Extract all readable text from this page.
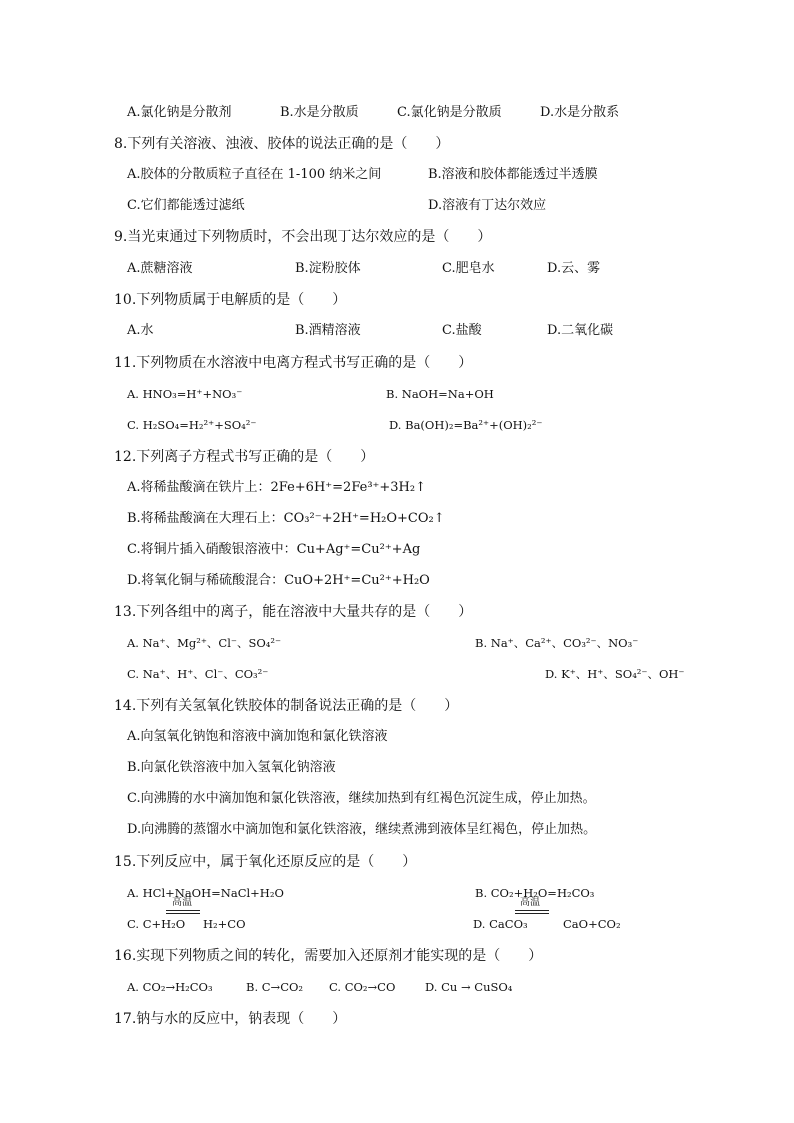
A.氯化钠是分散剂	B.水是分散质	C.氯化钠是分散质	D.水是分散系
8.下列有关溶液、浊液、胶体的说法正确的是（　　）
A.胶体的分散质粒子直径在 1-100 纳米之间	B.溶液和胶体都能透过半透膜
C.它们都能透过滤纸	D.溶液有丁达尔效应
9.当光束通过下列物质时，不会出现丁达尔效应的是（　　）
A.蔗糖溶液	B.淀粉胶体	C.肥皂水	D.云、雾
10.下列物质属于电解质的是（　　）
A.水	B.酒精溶液	C.盐酸	D.二氧化碳
11.下列物质在水溶液中电离方程式书写正确的是（　　）
A. HNO₃=H⁺+NO₃⁻	B. NaOH=Na+OH
C. H₂SO₄=H₂²⁺+SO₄²⁻	D. Ba(OH)₂=Ba²⁺+(OH)₂²⁻
12.下列离子方程式书写正确的是（　　）
A.将稀盐酸滴在铁片上：2Fe+6H⁺=2Fe³⁺+3H₂↑
B.将稀盐酸滴在大理石上：CO₃²⁻+2H⁺=H₂O+CO₂↑
C.将铜片插入硝酸银溶液中：Cu+Ag⁺=Cu²⁺+Ag
D.将氧化铜与稀硫酸混合：CuO+2H⁺=Cu²⁺+H₂O
13.下列各组中的离子，能在溶液中大量共存的是（　　）
A. Na⁺、Mg²⁺、Cl⁻、SO₄²⁻	B. Na⁺、Ca²⁺、CO₃²⁻、NO₃⁻
C. Na⁺、H⁺、Cl⁻、CO₃²⁻	D. K⁺、H⁺、SO₄²⁻、OH⁻
14.下列有关氢氧化铁胶体的制备说法正确的是（　　）
A.向氢氧化钠饱和溶液中滴加饱和氯化铁溶液
B.向氯化铁溶液中加入氢氧化钠溶液
C.向沸腾的水中滴加饱和氯化铁溶液，继续加热到有红褐色沉淀生成，停止加热。
D.向沸腾的蒸馏水中滴加饱和氯化铁溶液，继续煮沸到液体呈红褐色，停止加热。
15.下列反应中，属于氧化还原反应的是（　　）
A. HCl+NaOH=NaCl+H₂O	B. CO₂+H₂O=H₂CO₃
高温
C. C+H₂O H₂+CO
高温
D. CaCO₃	CaO+CO₂
16.实现下列物质之间的转化，需要加入还原剂才能实现的是（　　）
A. CO₂→H₂CO₃	B. C→CO₂ C. CO₂→CO	D. Cu → CuSO₄
17.钠与水的反应中，钠表现（　　）
